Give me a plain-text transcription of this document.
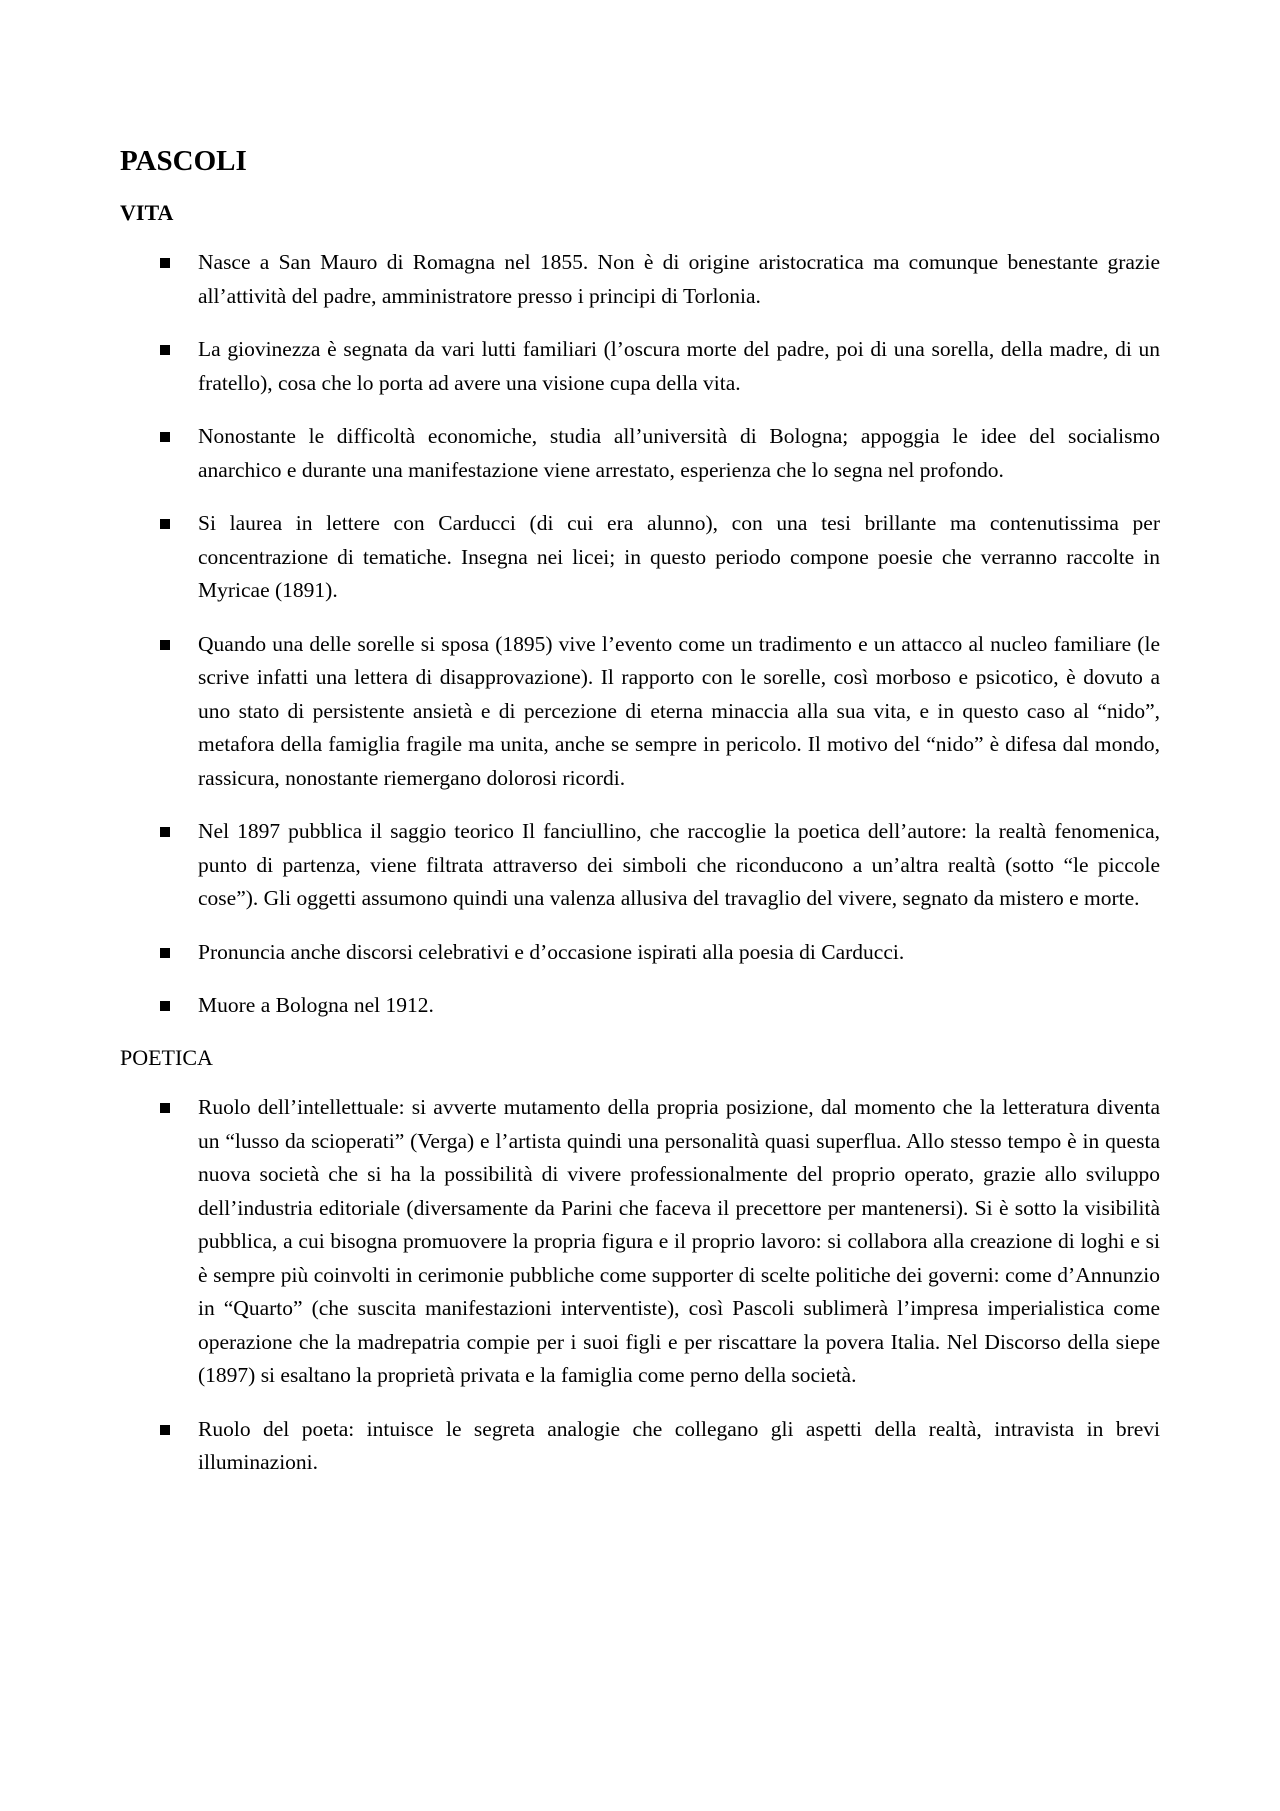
PASCOLI
VITA
Nasce a San Mauro di Romagna nel 1855. Non è di origine aristocratica ma comunque benestante grazie all’attività del padre, amministratore presso i principi di Torlonia.
La giovinezza è segnata da vari lutti familiari (l’oscura morte del padre, poi di una sorella, della madre, di un fratello), cosa che lo porta ad avere una visione cupa della vita.
Nonostante le difficoltà economiche, studia all’università di Bologna; appoggia le idee del socialismo anarchico e durante una manifestazione viene arrestato, esperienza che lo segna nel profondo.
Si laurea in lettere con Carducci (di cui era alunno), con una tesi brillante ma contenutissima per concentrazione di tematiche. Insegna nei licei; in questo periodo compone poesie che verranno raccolte in Myricae (1891).
Quando una delle sorelle si sposa (1895) vive l’evento come un tradimento e un attacco al nucleo familiare (le scrive infatti una lettera di disapprovazione). Il rapporto con le sorelle, così morboso e psicotico, è dovuto a uno stato di persistente ansietà e di percezione di eterna minaccia alla sua vita, e in questo caso al “nido”, metafora della famiglia fragile ma unita, anche se sempre in pericolo. Il motivo del “nido” è difesa dal mondo, rassicura, nonostante riemergano dolorosi ricordi.
Nel 1897 pubblica il saggio teorico Il fanciullino, che raccoglie la poetica dell’autore: la realtà fenomenica, punto di partenza, viene filtrata attraverso dei simboli che riconducono a un’altra realtà (sotto “le piccole cose”). Gli oggetti assumono quindi una valenza allusiva del travaglio del vivere, segnato da mistero e morte.
Pronuncia anche discorsi celebrativi e d’occasione ispirati alla poesia di Carducci.
Muore a Bologna nel 1912.
POETICA
Ruolo dell’intellettuale: si avverte mutamento della propria posizione, dal momento che la letteratura diventa un “lusso da scioperati” (Verga) e l’artista quindi una personalità quasi superflua. Allo stesso tempo è in questa nuova società che si ha la possibilità di vivere professionalmente del proprio operato, grazie allo sviluppo dell’industria editoriale (diversamente da Parini che faceva il precettore per mantenersi). Si è sotto la visibilità pubblica, a cui bisogna promuovere la propria figura e il proprio lavoro: si collabora alla creazione di loghi e si è sempre più coinvolti in cerimonie pubbliche come supporter di scelte politiche dei governi: come d’Annunzio in “Quarto” (che suscita manifestazioni interventiste), così Pascoli sublimerà l’impresa imperialistica come operazione che la madrepatria compie per i suoi figli e per riscattare la povera Italia. Nel Discorso della siepe (1897) si esaltano la proprietà privata e la famiglia come perno della società.
Ruolo del poeta: intuisce le segreta analogie che collegano gli aspetti della realtà, intravista in brevi illuminazioni.
